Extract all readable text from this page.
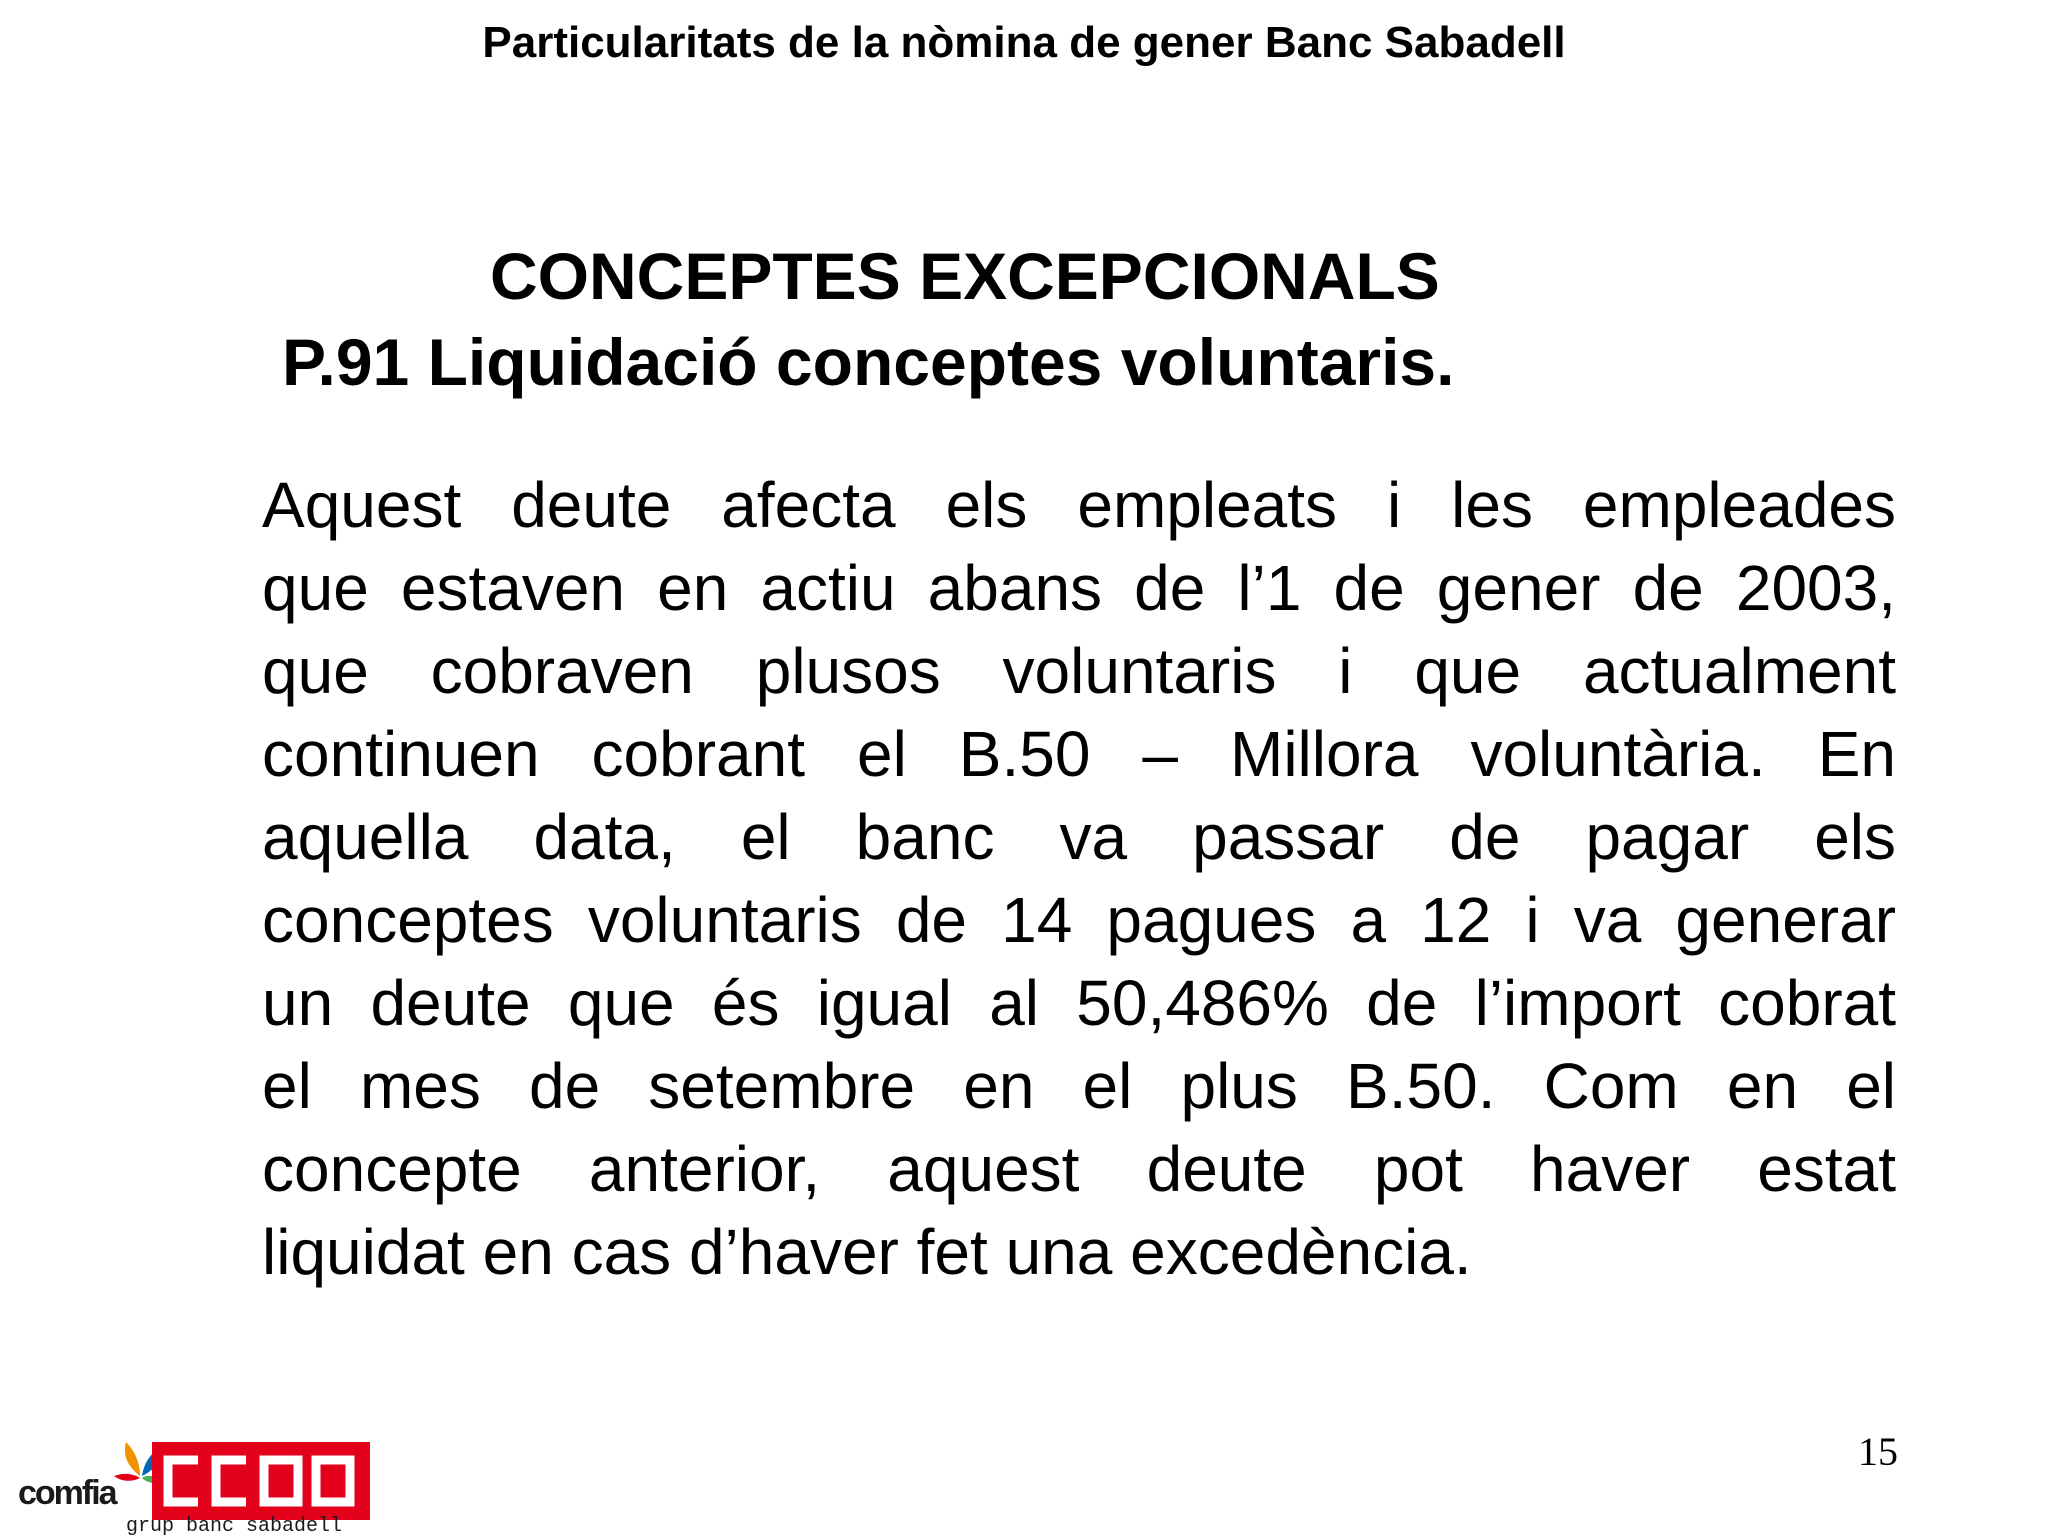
Particularitats de la nòmina de gener Banc Sabadell
CONCEPTES EXCEPCIONALS
P.91 Liquidació conceptes voluntaris.
Aquest deute afecta els empleats i les empleades
que estaven en actiu abans de l’1 de gener de 2003,
que cobraven plusos voluntaris i que actualment
continuen cobrant el B.50 – Millora voluntària. En
aquella data, el banc va passar de pagar els
conceptes voluntaris de 14 pagues a 12 i va generar
un deute que és igual al 50,486% de l’import cobrat
el mes de setembre en el plus B.50. Com en el
concepte anterior, aquest deute pot haver estat
liquidat en cas d’haver fet una excedència.
15
comfia
grup banc sabadell
